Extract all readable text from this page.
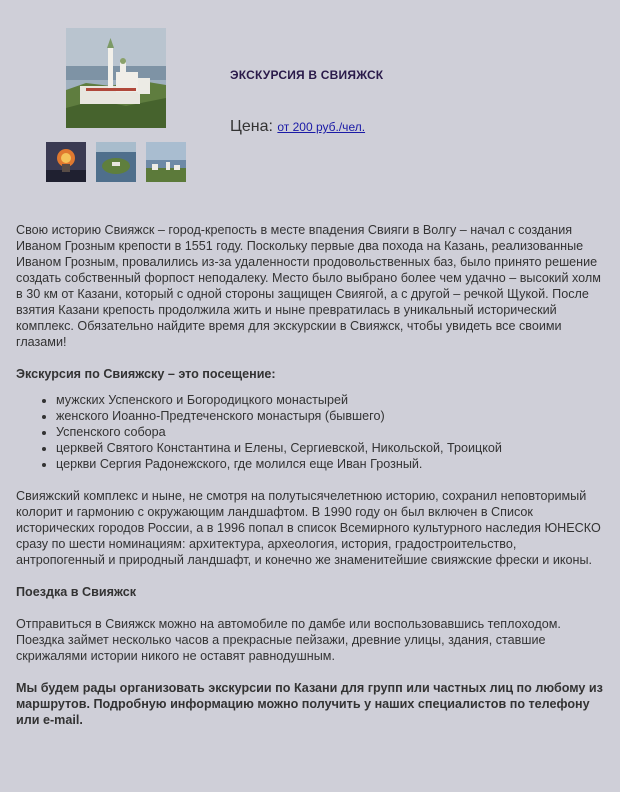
ЭКСКУРСИЯ В СВИЯЖСК
Цена: от 200 руб./чел.

Свою историю Свияжск – город-крепость в месте впадения Свияги в Волгу – начал с создания Иваном Грозным крепости в 1551 году. Поскольку первые два похода на Казань, реализованные Иваном Грозным, провалились из-за удаленности продовольственных баз, было принято решение создать собственный форпост неподалеку. Место было выбрано более чем удачно – высокий холм в 30 км от Казани, который с одной стороны защищен Свиягой, а с другой – речкой Щукой. После взятия Казани крепость продолжила жить и ныне превратилась в уникальный исторический комплекс. Обязательно найдите время для экскурскии в Свияжск, чтобы увидеть все своими глазами!

Экскурсия по Свияжску – это посещение:
• мужских Успенского и Богородицкого монастырей
• женского Иоанно-Предтеченского монастыря (бывшего)
• Успенского собора
• церквей Святого Константина и Елены, Сергиевской, Никольской, Троицкой
• церкви Сергия Радонежского, где молился еще Иван Грозный.

Свияжский комплекс и ныне, не смотря на полутысячелетнюю историю, сохранил неповторимый колорит и гармонию с окружающим ландшафтом. В 1990 году он был включен в Список исторических городов России, а в 1996 попал в список Всемирного культурного наследия ЮНЕСКО сразу по шести номинациям: архитектура, археология, история, градостроительство, антропогенный и природный ландшафт, и конечно же знаменитейшие свияжские фрески и иконы.

Поездка в Свияжск

Отправиться в Свияжск можно на автомобиле по дамбе или воспользовавшись теплоходом. Поездка займет несколько часов а прекрасные пейзажи, древние улицы, здания, ставшие скрижалями истории никого не оставят равнодушным.

Мы будем рады организовать экскурсии по Казани для групп или частных лиц по любому из маршрутов. Подробную информацию можно получить у наших специалистов по телефону или e-mail.
